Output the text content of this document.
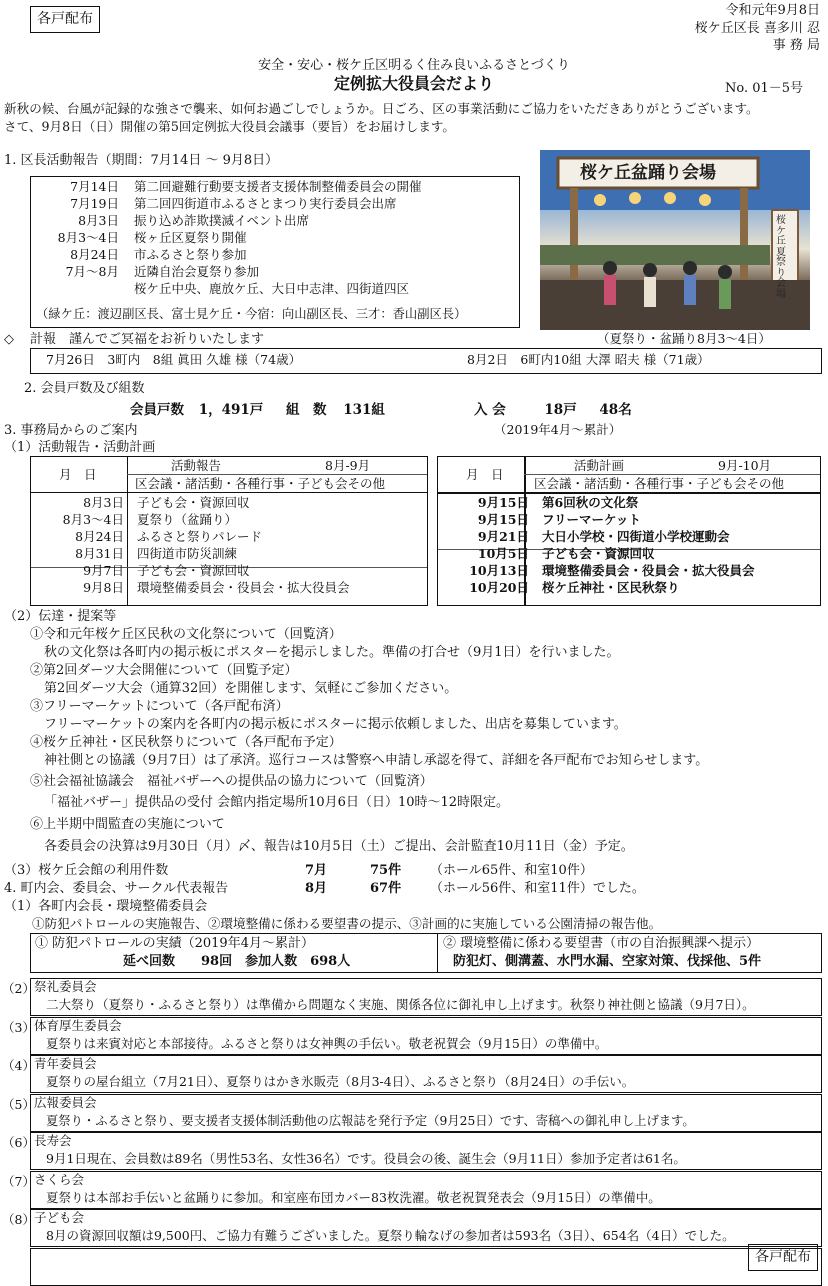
各戸配布
令和元年9月8日
桜ケ丘区長 喜多川 忍
事 務 局
安全・安心・桜ケ丘区明るく住み良いふるさとづくり
定例拡大役員会だより	No. 01－5号
新秋の候、台風が記録的な強さで襲来、如何お過ごしでしょうか。日ごろ、区の事業活動にご協力をいただきありがとうございます。
さて、9月8日（日）開催の第5回定例拡大役員会議事（要旨）をお届けします。
1. 区長活動報告（期間：7月14日 ～ 9月8日）
7月14日	第二回避難行動要支援者支援体制整備委員会の開催
7月19日	第二回四街道市ふるさとまつり実行委員会出席
8月3日	振り込め詐欺撲滅イベント出席
8月3～4日	桜ヶ丘区夏祭り開催
8月24日	市ふるさと祭り参加
7月～8月	近隣自治会夏祭り参加
	桜ケ丘中央、鹿放ケ丘、大日中志津、四街道四区
（緑ケ丘：渡辺副区長、富士見ケ丘・今宿：向山副区長、三才：香山副区長）
桜ケ丘盆踊り会場
桜ケ丘夏祭り会場
◇ 計報　謹んでご冥福をお祈りいたします	（夏祭り・盆踊り8月3～4日）
7月26日　3町内　8組 眞田 久雄 様（74歳）	8月2日　6町内10組 大澤 昭夫 様（71歳）
2. 会員戸数及び組数
会員戸数 1，491戸 組　数 131組	入 会	18戸 48名
3. 事務局からのご案内	（2019年4月～累計）
（1）活動報告・活動計画
月　日
活動報告	8月-9月
区会議・諸活動・各種行事・子ども会その他
8月3日	子ども会・資源回収
8月3～4日	夏祭り（盆踊り）
8月24日	ふるさと祭りパレード
8月31日	四街道市防災訓練
9月7日	子ども会・資源回収
9月8日	環境整備委員会・役員会・拡大役員会
月　日
活動計画	9月-10月
区会議・諸活動・各種行事・子ども会その他
9月15日	第6回秋の文化祭
9月15日	フリーマーケット
9月21日	大日小学校・四街道小学校運動会
10月5日	子ども会・資源回収
10月13日	環境整備委員会・役員会・拡大役員会
10月20日	桜ケ丘神社・区民秋祭り
（2）伝達・提案等
①令和元年桜ケ丘区民秋の文化祭について（回覧済）
秋の文化祭は各町内の掲示板にポスターを掲示しました。準備の打合せ（9月1日）を行いました。
②第2回ダーツ大会開催について（回覧予定）
第2回ダーツ大会（通算32回）を開催します、気軽にご参加ください。
③フリーマーケットについて（各戸配布済）
フリーマーケットの案内を各町内の掲示板にポスターに掲示依頼しました、出店を募集しています。
④桜ケ丘神社・区民秋祭りについて（各戸配布予定）
神社側との協議（9月7日）は了承済。巡行コースは警察へ申請し承認を得て、詳細を各戸配布でお知らせします。
⑤社会福祉協議会　福祉バザーへの提供品の協力について（回覧済）
「福祉バザー」提供品の受付 会館内指定場所10月6日（日）10時～12時限定。
⑥上半期中間監査の実施について
各委員会の決算は9月30日（月）〆、報告は10月5日（土）ご提出、会計監査10月11日（金）予定。
（3）桜ケ丘会館の利用件数	7月	75件 （ホール65件、和室10件）
4. 町内会、委員会、サークル代表報告	8月	67件 （ホール56件、和室11件）でした。
（1）各町内会長・環境整備委員会
①防犯パトロールの実施報告、②環境整備に係わる要望書の提示、③計画的に実施している公園清掃の報告他。
① 防犯パトロールの実績（2019年4月～累計）
延べ回数　　98回　参加人数　698人
② 環境整備に係わる要望書（市の自治振興課へ提示）
防犯灯、側溝蓋、水門水漏、空家対策、伐採他、5件
（2） 祭礼委員会
二大祭り（夏祭り・ふるさと祭り）は準備から問題なく実施、関係各位に御礼申し上げます。秋祭り神社側と協議（9月7日）。
（3） 体育厚生委員会
夏祭りは来賓対応と本部接待。ふるさと祭りは女神輿の手伝い。敬老祝賀会（9月15日）の準備中。
（4） 青年委員会
夏祭りの屋台組立（7月21日）、夏祭りはかき氷販売（8月3-4日）、ふるさと祭り（8月24日）の手伝い。
（5） 広報委員会
夏祭り・ふるさと祭り、要支援者支援体制活動他の広報誌を発行予定（9月25日）です、寄稿への御礼申し上げます。
（6） 長寿会
9月1日現在、会員数は89名（男性53名、女性36名）です。役員会の後、誕生会（9月11日）参加予定者は61名。
（7） さくら会
夏祭りは本部お手伝いと盆踊りに参加。和室座布団カバー83枚洗濯。敬老祝賀発表会（9月15日）の準備中。
（8） 子ども会
8月の資源回収額は9,500円、ご協力有難うございました。夏祭り輪なげの参加者は593名（3日）、654名（4日）でした。
各戸配布
